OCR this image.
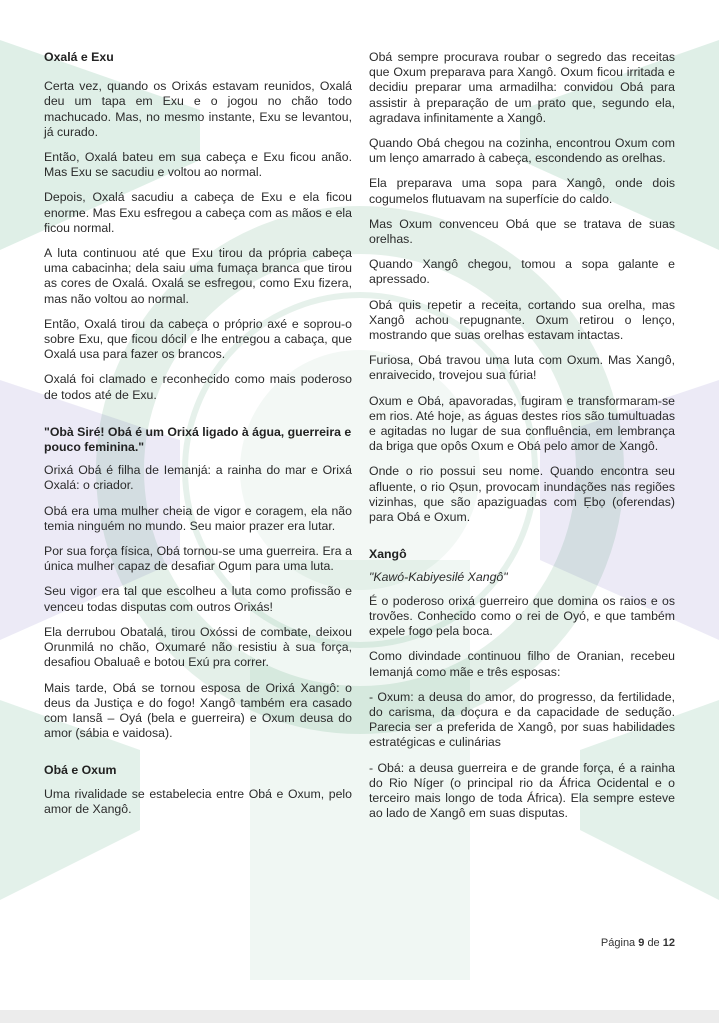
Oxalá e Exu

Certa vez, quando os Orixás estavam reunidos, Oxalá deu um tapa em Exu e o jogou no chão todo machucado. Mas, no mesmo instante, Exu se levantou, já curado.

Então, Oxalá bateu em sua cabeça e Exu ficou anão. Mas Exu se sacudiu e voltou ao normal.

Depois, Oxalá sacudiu a cabeça de Exu e ela ficou enorme. Mas Exu esfregou a cabeça com as mãos e ela ficou normal.

A luta continuou até que Exu tirou da própria cabeça uma cabacinha; dela saiu uma fumaça branca que tirou as cores de Oxalá. Oxalá se esfregou, como Exu fizera, mas não voltou ao normal.

Então, Oxalá tirou da cabeça o próprio axé e soprou-o sobre Exu, que ficou dócil e lhe entregou a cabaça, que Oxalá usa para fazer os brancos.

Oxalá foi clamado e reconhecido como mais poderoso de todos até de Exu.

"Obà Siré! Obá é um Orixá ligado à água, guerreira e pouco feminina."

Orixá Obá é filha de Iemanjá: a rainha do mar e Orixá Oxalá: o criador.

Obá era uma mulher cheia de vigor e coragem, ela não temia ninguém no mundo. Seu maior prazer era lutar.

Por sua força física, Obá tornou-se uma guerreira. Era a única mulher capaz de desafiar Ogum para uma luta.

Seu vigor era tal que escolheu a luta como profissão e venceu todas disputas com outros Orixás!

Ela derrubou Obatalá, tirou Oxóssi de combate, deixou Orunmilá no chão, Oxumaré não resistiu à sua força, desafiou Obaluaê e botou Exú pra correr.

Mais tarde, Obá se tornou esposa de Orixá Xangô: o deus da Justiça e do fogo! Xangô também era casado com Iansã – Oyá (bela e guerreira) e Oxum deusa do amor (sábia e vaidosa).

Obá e Oxum

Uma rivalidade se estabelecia entre Obá e Oxum, pelo amor de Xangô.

Obá sempre procurava roubar o segredo das receitas que Oxum preparava para Xangô. Oxum ficou irritada e decidiu preparar uma armadilha: convidou Obá para assistir à preparação de um prato que, segundo ela, agradava infinitamente a Xangô.

Quando Obá chegou na cozinha, encontrou Oxum com um lenço amarrado à cabeça, escondendo as orelhas.

Ela preparava uma sopa para Xangô, onde dois cogumelos flutuavam na superfície do caldo.

Mas Oxum convenceu Obá que se tratava de suas orelhas.

Quando Xangô chegou, tomou a sopa galante e apressado.

Obá quis repetir a receita, cortando sua orelha, mas Xangô achou repugnante. Oxum retirou o lenço, mostrando que suas orelhas estavam intactas.

Furiosa, Obá travou uma luta com Oxum. Mas Xangô, enraivecido, trovejou sua fúria!

Oxum e Obá, apavoradas, fugiram e transformaram-se em rios. Até hoje, as águas destes rios são tumultuadas e agitadas no lugar de sua confluência, em lembrança da briga que opôs Oxum e Obá pelo amor de Xangô.

Onde o rio possui seu nome. Quando encontra seu afluente, o rio Ọṣun, provocam inundações nas regiões vizinhas, que são apaziguadas com Ẹbọ (oferendas) para Obá e Oxum.

Xangô

"Kawó-Kabiyesilé Xangô"

É o poderoso orixá guerreiro que domina os raios e os trovões. Conhecido como o rei de Oyó, e que também expele fogo pela boca.

Como divindade continuou filho de Oranian, recebeu Iemanjá como mãe e três esposas:

- Oxum: a deusa do amor, do progresso, da fertilidade, do carisma, da doçura e da capacidade de sedução. Parecia ser a preferida de Xangô, por suas habilidades estratégicas e culinárias

- Obá: a deusa guerreira e de grande força, é a rainha do Rio Níger (o principal rio da África Ocidental e o terceiro mais longo de toda África). Ela sempre esteve ao lado de Xangô em suas disputas.

Página 9 de 12
